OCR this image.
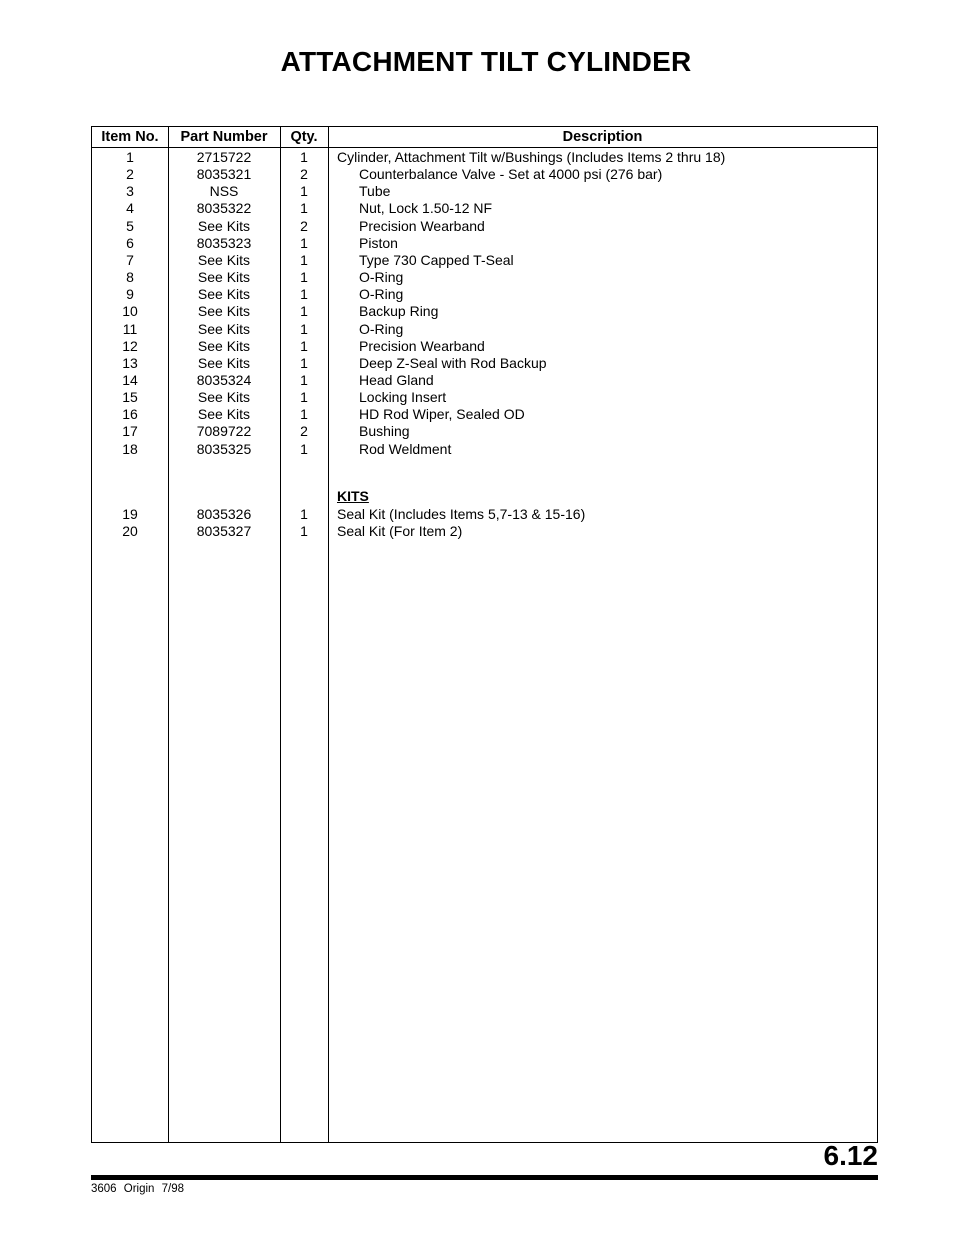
ATTACHMENT TILT CYLINDER
Item No.	Part Number	Qty.	Description
1	2715722	1	Cylinder, Attachment Tilt w/Bushings (Includes Items 2 thru 18)
2	8035321	2	Counterbalance Valve - Set at 4000 psi (276 bar)
3	NSS	1	Tube
4	8035322	1	Nut, Lock 1.50-12 NF
5	See Kits	2	Precision Wearband
6	8035323	1	Piston
7	See Kits	1	Type 730 Capped T-Seal
8	See Kits	1	O-Ring
9	See Kits	1	O-Ring
10	See Kits	1	Backup Ring
11	See Kits	1	O-Ring
12	See Kits	1	Precision Wearband
13	See Kits	1	Deep Z-Seal with Rod Backup
14	8035324	1	Head Gland
15	See Kits	1	Locking Insert
16	See Kits	1	HD Rod Wiper, Sealed OD
17	7089722	2	Bushing
18	8035325	1	Rod Weldment
KITS
19	8035326	1	Seal Kit (Includes Items 5,7-13 & 15-16)
20	8035327	1	Seal Kit (For Item 2)
6.12
3606 Origin 7/98
